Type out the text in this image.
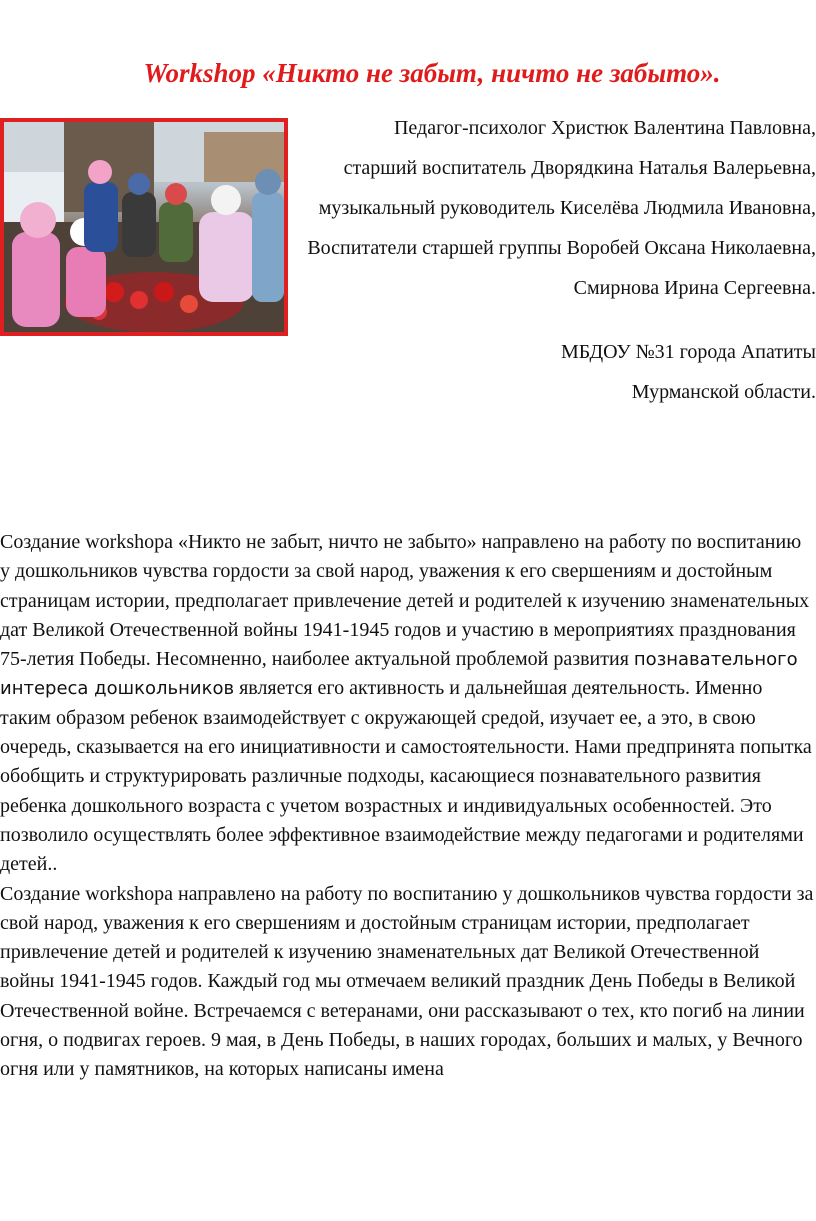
Workshop «Никто не забыт, ничто не забыто».

Педагог-психолог Христюк Валентина Павловна,

старший воспитатель Дворядкина Наталья Валерьевна,

музыкальный руководитель Киселёва Людмила Ивановна,

Воспитатели старшей группы Воробей Оксана Николаевна,

Смирнова Ирина Сергеевна.

МБДОУ №31 города Апатиты

Мурманской области.

Создание workshopa «Никто не забыт, ничто не забыто» направлено на работу по воспитанию у дошкольников чувства гордости за свой народ, уважения к его свершениям и достойным страницам истории, предполагает привлечение детей и родителей к изучению знаменательных дат Великой Отечественной войны 1941-1945 годов и участию в мероприятиях празднования 75-летия Победы. Несомненно, наиболее актуальной проблемой развития познавательного интереса дошкольников является его активность и дальнейшая деятельность. Именно таким образом ребенок взаимодействует с окружающей средой, изучает ее, а это, в свою очередь, сказывается на его инициативности и самостоятельности. Нами предпринята попытка обобщить и структурировать различные подходы, касающиеся познавательного развития ребенка дошкольного возраста с учетом возрастных и индивидуальных особенностей. Это позволило осуществлять более эффективное взаимодействие между педагогами и родителями детей..

Создание workshopa направлено на работу по воспитанию у дошкольников чувства гордости за свой народ, уважения к его свершениям и достойным страницам истории, предполагает привлечение детей и родителей к изучению знаменательных дат Великой Отечественной войны 1941-1945 годов. Каждый год мы отмечаем великий праздник День Победы в Великой Отечественной войне. Встречаемся с ветеранами, они рассказывают о тех, кто погиб на линии огня, о подвигах героев. 9 мая, в День Победы, в наших городах, больших и малых, у Вечного огня или у памятников, на которых написаны имена
